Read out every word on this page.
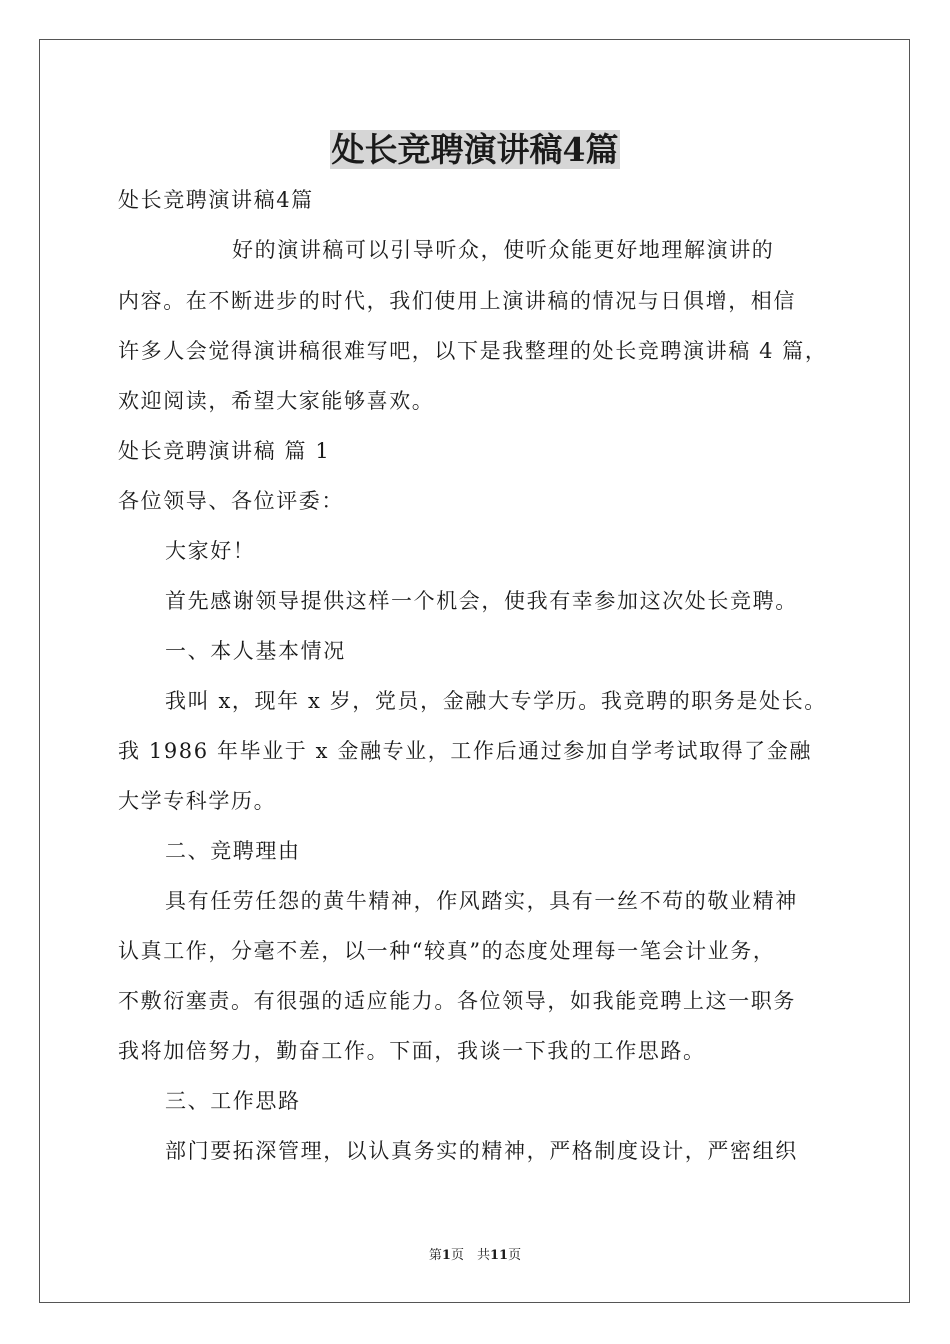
处长竞聘演讲稿4篇
处长竞聘演讲稿4篇
好的演讲稿可以引导听众，使听众能更好地理解演讲的
内容。在不断进步的时代，我们使用上演讲稿的情况与日俱增，相信
许多人会觉得演讲稿很难写吧，以下是我整理的处长竞聘演讲稿 4 篇，
欢迎阅读，希望大家能够喜欢。
处长竞聘演讲稿 篇 1
各位领导、各位评委：
大家好！
首先感谢领导提供这样一个机会，使我有幸参加这次处长竞聘。
一、本人基本情况
我叫 x，现年 x 岁，党员，金融大专学历。我竞聘的职务是处长。
我 1986 年毕业于 x 金融专业，工作后通过参加自学考试取得了金融
大学专科学历。
二、竞聘理由
具有任劳任怨的黄牛精神，作风踏实，具有一丝不苟的敬业精神
认真工作，分毫不差，以一种“较真”的态度处理每一笔会计业务，
不敷衍塞责。有很强的适应能力。各位领导，如我能竞聘上这一职务
我将加倍努力，勤奋工作。下面，我谈一下我的工作思路。
三、工作思路
部门要拓深管理，以认真务实的精神，严格制度设计，严密组织
第1页　共11页
